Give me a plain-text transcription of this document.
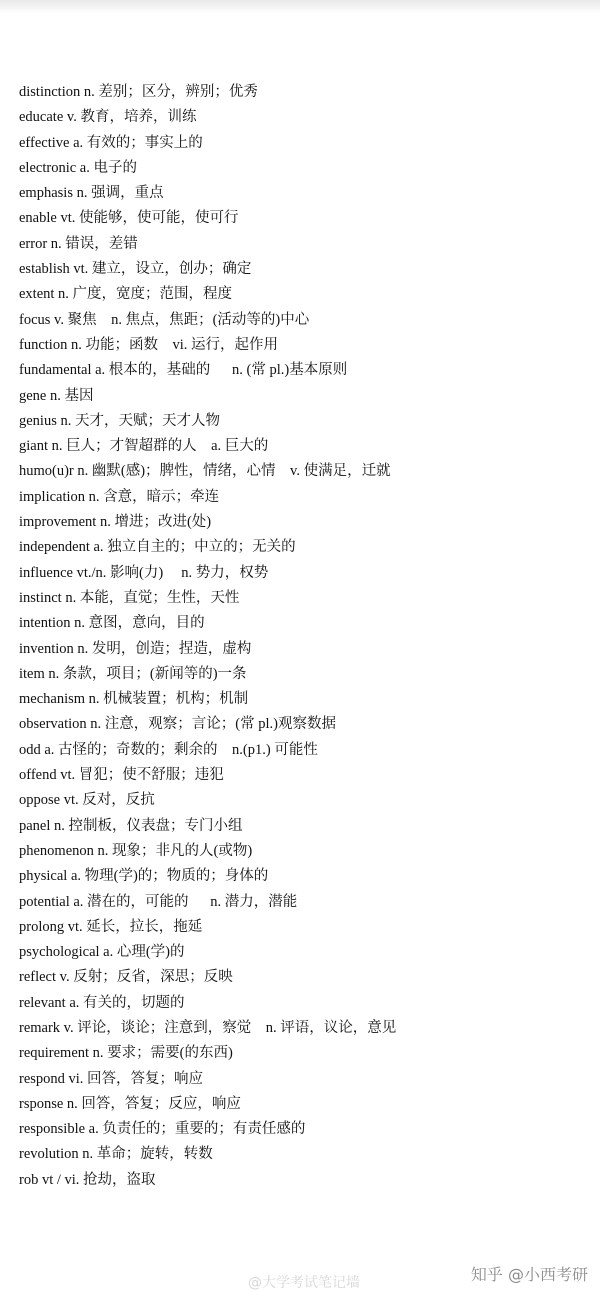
distinction n. 差别；区分，辨别；优秀
educate v. 教育，培养，训练
effective a. 有效的；事实上的
electronic a. 电子的
emphasis n. 强调，重点
enable vt. 使能够，使可能，使可行
error n. 错误，差错
establish vt. 建立，设立，创办；确定
extent n. 广度，宽度；范围，程度
focus v. 聚焦    n. 焦点，焦距；(活动等的)中心
function n. 功能；函数    vi. 运行，起作用
fundamental a. 根本的，基础的      n. (常 pl.)基本原则
gene n. 基因
genius n. 天才，天赋；天才人物
giant n. 巨人；才智超群的人    a. 巨大的
humo(u)r n. 幽默(感)；脾性，情绪，心情    v. 使满足，迁就
implication n. 含意，暗示；牵连
improvement n. 增进；改进(处)
independent a. 独立自主的；中立的；无关的
influence vt./n. 影响(力)     n. 势力，权势
instinct n. 本能，直觉；生性，天性
intention n. 意图，意向，目的
invention n. 发明，创造；捏造，虚构
item n. 条款，项目；(新闻等的)一条
mechanism n. 机械装置；机构；机制
observation n. 注意，观察；言论；(常 pl.)观察数据
odd a. 古怪的；奇数的；剩余的    n.(p1.) 可能性
offend vt. 冒犯；使不舒服；违犯
oppose vt. 反对，反抗
panel n. 控制板，仪表盘；专门小组
phenomenon n. 现象；非凡的人(或物)
physical a. 物理(学)的；物质的；身体的
potential a. 潜在的，可能的      n. 潜力，潜能
prolong vt. 延长，拉长，拖延
psychological a. 心理(学)的
reflect v. 反射；反省，深思；反映
relevant a. 有关的，切题的
remark v. 评论，谈论；注意到，察觉    n. 评语，议论，意见
requirement n. 要求；需要(的东西)
respond vi. 回答，答复；响应
rsponse n. 回答，答复；反应，响应
responsible a. 负责任的；重要的；有责任感的
revolution n. 革命；旋转，转数
rob vt / vi. 抢劫，盗取
@大学考试笔记墙	知乎 @小西考研
